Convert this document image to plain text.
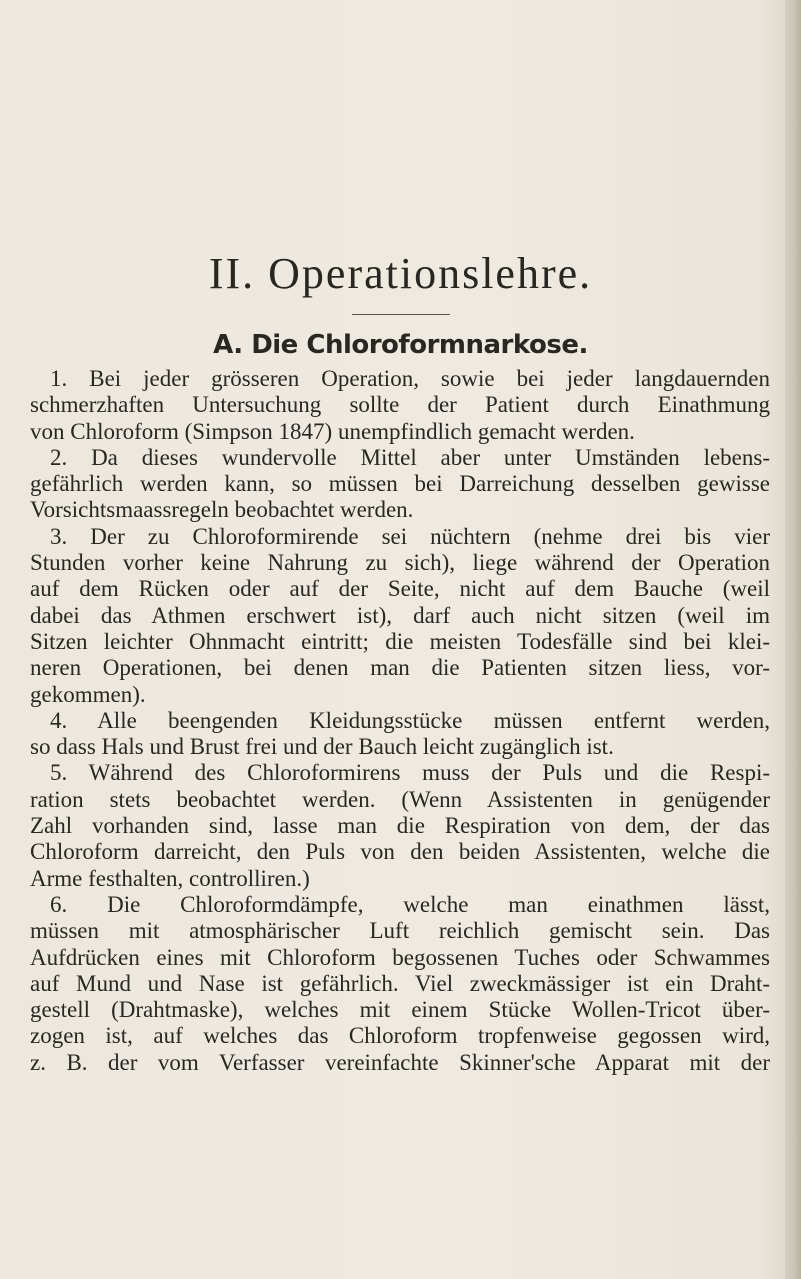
II. Operationslehre.
A. Die Chloroformnarkose.
1. Bei jeder grösseren Operation, sowie bei jeder langdauernden
schmerzhaften Untersuchung sollte der Patient durch Einathmung
von Chloroform (Simpson 1847) unempfindlich gemacht werden.
2. Da dieses wundervolle Mittel aber unter Umständen lebens-
gefährlich werden kann, so müssen bei Darreichung desselben gewisse
Vorsichtsmaassregeln beobachtet werden.
3. Der zu Chloroformirende sei nüchtern (nehme drei bis vier
Stunden vorher keine Nahrung zu sich), liege während der Operation
auf dem Rücken oder auf der Seite, nicht auf dem Bauche (weil
dabei das Athmen erschwert ist), darf auch nicht sitzen (weil im
Sitzen leichter Ohnmacht eintritt; die meisten Todesfälle sind bei klei-
neren Operationen, bei denen man die Patienten sitzen liess, vor-
gekommen).
4. Alle beengenden Kleidungsstücke müssen entfernt werden,
so dass Hals und Brust frei und der Bauch leicht zugänglich ist.
5. Während des Chloroformirens muss der Puls und die Respi-
ration stets beobachtet werden. (Wenn Assistenten in genügender
Zahl vorhanden sind, lasse man die Respiration von dem, der das
Chloroform darreicht, den Puls von den beiden Assistenten, welche die
Arme festhalten, controlliren.)
6. Die Chloroformdämpfe, welche man einathmen lässt,
müssen mit atmosphärischer Luft reichlich gemischt sein. Das
Aufdrücken eines mit Chloroform begossenen Tuches oder Schwammes
auf Mund und Nase ist gefährlich. Viel zweckmässiger ist ein Draht-
gestell (Drahtmaske), welches mit einem Stücke Wollen-Tricot über-
zogen ist, auf welches das Chloroform tropfenweise gegossen wird,
z. B. der vom Verfasser vereinfachte Skinner'sche Apparat mit der
